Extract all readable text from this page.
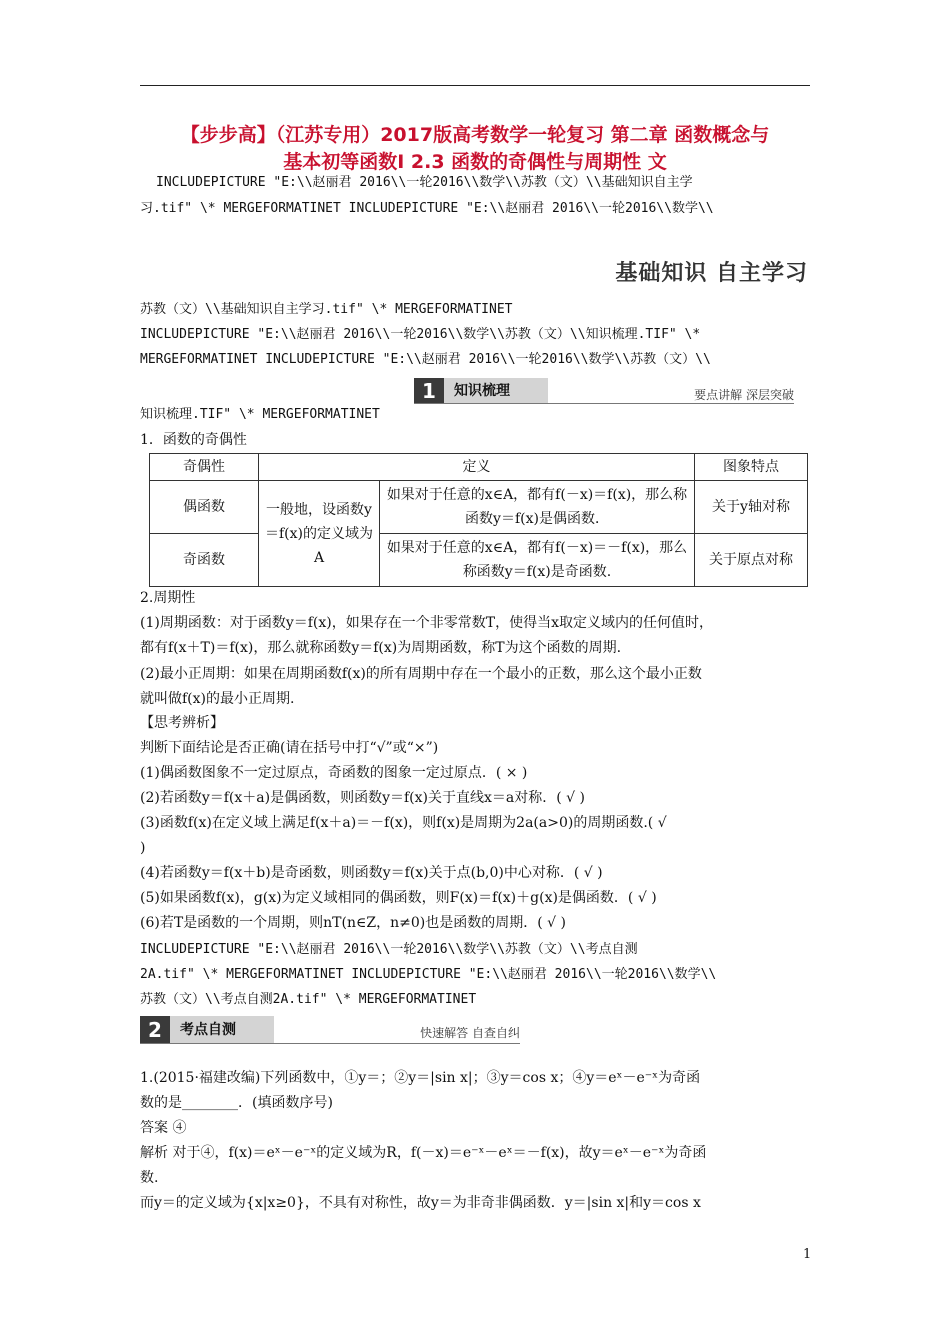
【步步高】（江苏专用）2017版高考数学一轮复习 第二章 函数概念与
基本初等函数Ⅰ 2.3 函数的奇偶性与周期性 文
INCLUDEPICTURE "E:\\赵丽君 2016\\一轮2016\\数学\\苏教（文）\\基础知识自主学
习.tif" \* MERGEFORMATINET INCLUDEPICTURE "E:\\赵丽君 2016\\一轮2016\\数学\\
基础知识 自主学习
苏教（文）\\基础知识自主学习.tif" \* MERGEFORMATINET
INCLUDEPICTURE "E:\\赵丽君 2016\\一轮2016\\数学\\苏教（文）\\知识梳理.TIF" \*
MERGEFORMATINET INCLUDEPICTURE "E:\\赵丽君 2016\\一轮2016\\数学\\苏教（文）\\
1	知识梳理	要点讲解 深层突破
知识梳理.TIF" \* MERGEFORMATINET
1．函数的奇偶性
奇偶性	定义		图象特点
偶函数	一般地，设函数y＝f(x)的定义域为A	如果对于任意的x∈A，都有f(－x)＝f(x)，那么称函数y＝f(x)是偶函数．	关于y轴对称
奇函数		如果对于任意的x∈A，都有f(－x)＝－f(x)，那么称函数y＝f(x)是奇函数.	关于原点对称
2.周期性
(1)周期函数：对于函数y＝f(x)，如果存在一个非零常数T，使得当x取定义域内的任何值时，
都有f(x＋T)＝f(x)，那么就称函数y＝f(x)为周期函数，称T为这个函数的周期.
(2)最小正周期：如果在周期函数f(x)的所有周期中存在一个最小的正数，那么这个最小正数
就叫做f(x)的最小正周期.
【思考辨析】
判断下面结论是否正确(请在括号中打“√”或“×”)
(1)偶函数图象不一定过原点，奇函数的图象一定过原点．( × )
(2)若函数y＝f(x＋a)是偶函数，则函数y＝f(x)关于直线x＝a对称．( √ )
(3)函数f(x)在定义域上满足f(x＋a)＝－f(x)，则f(x)是周期为2a(a>0)的周期函数.( √
)
(4)若函数y＝f(x＋b)是奇函数，则函数y＝f(x)关于点(b,0)中心对称．( √ )
(5)如果函数f(x)，g(x)为定义域相同的偶函数，则F(x)＝f(x)＋g(x)是偶函数．( √ )
(6)若T是函数的一个周期，则nT(n∈Z，n≠0)也是函数的周期．( √ )
INCLUDEPICTURE "E:\\赵丽君 2016\\一轮2016\\数学\\苏教（文）\\考点自测
2A.tif" \* MERGEFORMATINET INCLUDEPICTURE "E:\\赵丽君 2016\\一轮2016\\数学\\
苏教（文）\\考点自测2A.tif" \* MERGEFORMATINET
2	考点自测	快速解答 自查自纠
1.(2015·福建改编)下列函数中，①y＝；②y＝|sin x|；③y＝cos x；④y＝eˣ－e⁻ˣ为奇函
数的是________．(填函数序号)
答案 ④
解析 对于④，f(x)＝eˣ－e⁻ˣ的定义域为R，f(－x)＝e⁻ˣ－eˣ＝－f(x)，故y＝eˣ－e⁻ˣ为奇函
数.
而y＝的定义域为{x|x≥0}，不具有对称性，故y＝为非奇非偶函数．y＝|sin x|和y＝cos x
1
